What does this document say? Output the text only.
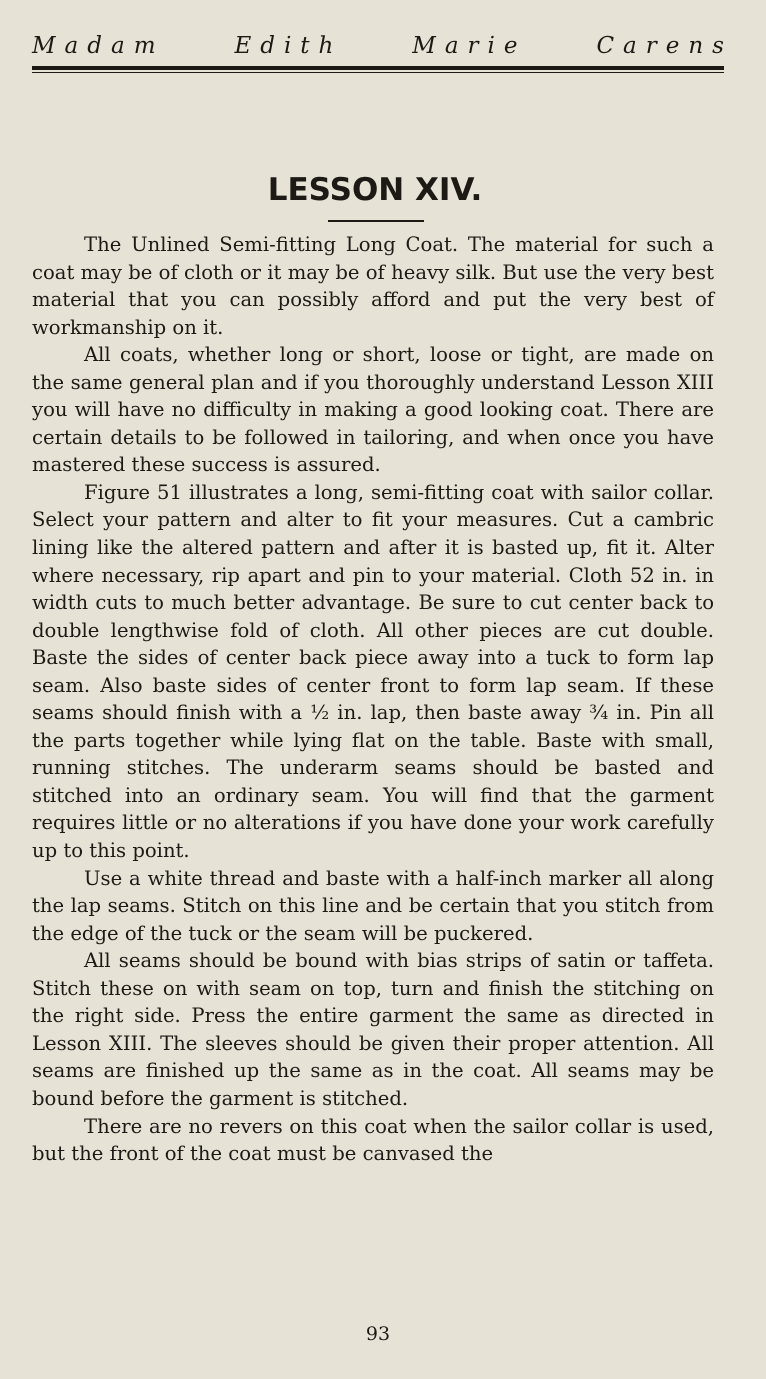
Madam	Edith	Marie	Carens
LESSON XIV.

The Unlined Semi-fitting Long Coat. The material for such a coat may be of cloth or it may be of heavy silk. But use the very best material that you can possibly afford and put the very best of workmanship on it.

All coats, whether long or short, loose or tight, are made on the same general plan and if you thoroughly understand Lesson XIII you will have no difficulty in making a good looking coat. There are certain details to be followed in tailoring, and when once you have mastered these success is assured.

Figure 51 illustrates a long, semi-fitting coat with sailor collar. Select your pattern and alter to fit your measures. Cut a cambric lining like the altered pattern and after it is basted up, fit it. Alter where necessary, rip apart and pin to your material. Cloth 52 in. in width cuts to much better advantage. Be sure to cut center back to double lengthwise fold of cloth. All other pieces are cut double. Baste the sides of center back piece away into a tuck to form lap seam. Also baste sides of center front to form lap seam. If these seams should finish with a ½ in. lap, then baste away ¾ in. Pin all the parts together while lying flat on the table. Baste with small, running stitches. The underarm seams should be basted and stitched into an ordinary seam. You will find that the garment requires little or no alterations if you have done your work carefully up to this point.

Use a white thread and baste with a half-inch marker all along the lap seams. Stitch on this line and be certain that you stitch from the edge of the tuck or the seam will be puckered.

All seams should be bound with bias strips of satin or taffeta. Stitch these on with seam on top, turn and finish the stitching on the right side. Press the entire garment the same as directed in Lesson XIII. The sleeves should be given their proper attention. All seams are finished up the same as in the coat. All seams may be bound before the garment is stitched.

There are no revers on this coat when the sailor collar is used, but the front of the coat must be canvased the

93
